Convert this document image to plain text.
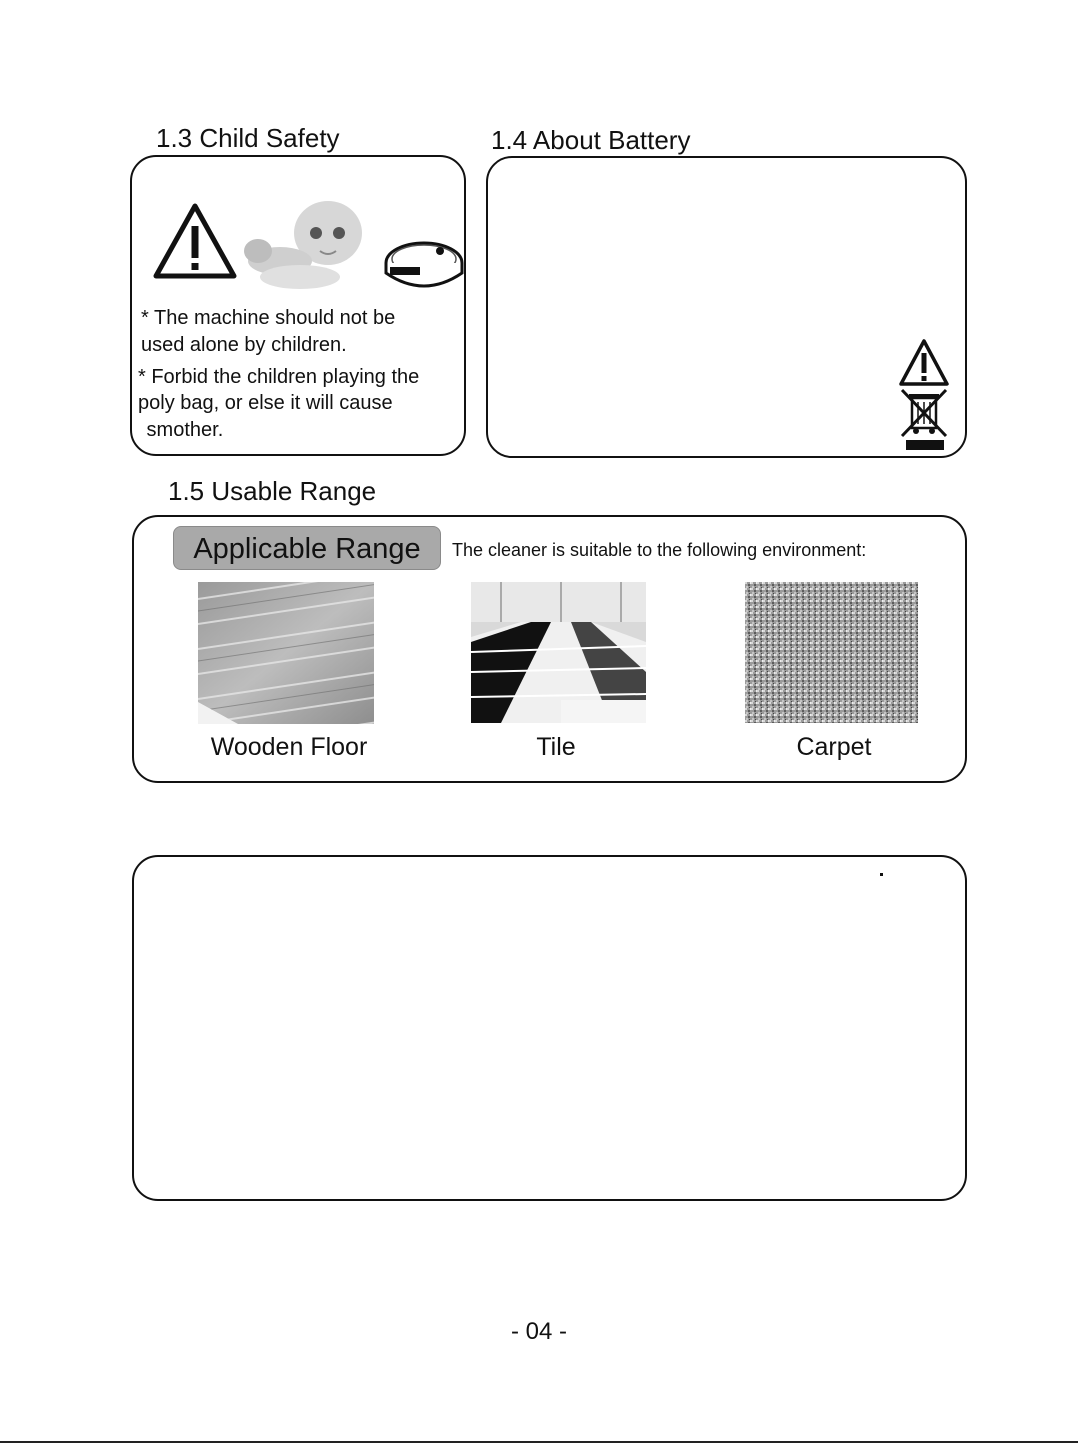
1.3 Child Safety
* The machine should not be
used alone by children.
* Forbid the children playing the
poly bag, or else it will cause
smother.
1.4 About Battery
1.5 Usable Range
Applicable Range	The cleaner is suitable to the following environment:
Wooden Floor	Tile	Carpet
- 04 -
